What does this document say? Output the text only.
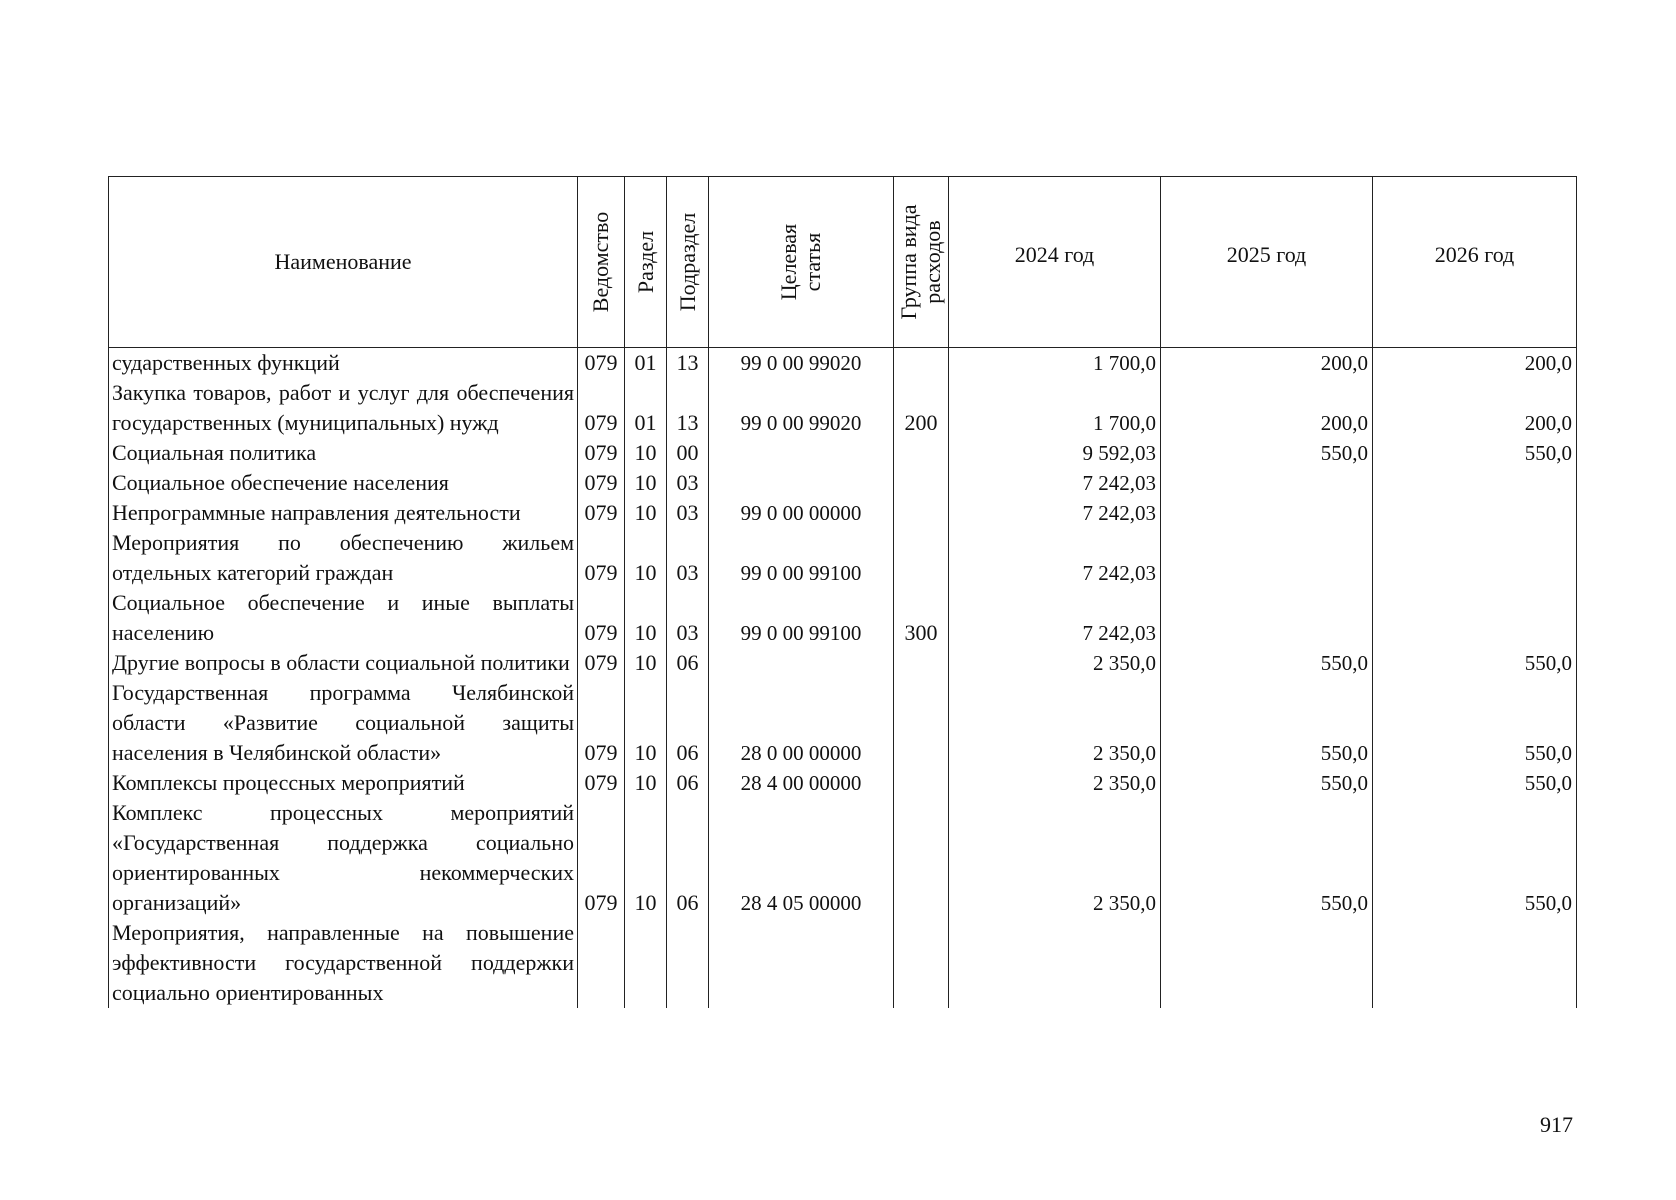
Наименование	Ведомство	Раздел	Подраздел	Целевая статья	Группа вида расходов	2024 год	2025 год	2026 год
сударственных функций	079	01	13	99 0 00 99020		1 700,0	200,0	200,0
Закупка товаров, работ и услуг для обеспечения государственных (муниципальных) нужд	079	01	13	99 0 00 99020	200	1 700,0	200,0	200,0
Социальная политика	079	10	00			9 592,03	550,0	550,0
Социальное обеспечение населения	079	10	03			7 242,03		
Непрограммные направления деятельности	079	10	03	99 0 00 00000		7 242,03		
Мероприятия по обеспечению жильем отдельных категорий граждан	079	10	03	99 0 00 99100		7 242,03		
Социальное обеспечение и иные выплаты населению	079	10	03	99 0 00 99100	300	7 242,03		
Другие вопросы в области социальной политики	079	10	06			2 350,0	550,0	550,0
Государственная программа Челябинской области «Развитие социальной защиты населения в Челябинской области»	079	10	06	28 0 00 00000		2 350,0	550,0	550,0
Комплексы процессных мероприятий	079	10	06	28 4 00 00000		2 350,0	550,0	550,0
Комплекс процессных мероприятий «Государственная поддержка социально ориентированных некоммерческих организаций»	079	10	06	28 4 05 00000		2 350,0	550,0	550,0
Мероприятия, направленные на повышение эффективности государственной поддержки социально ориентированных								
917
